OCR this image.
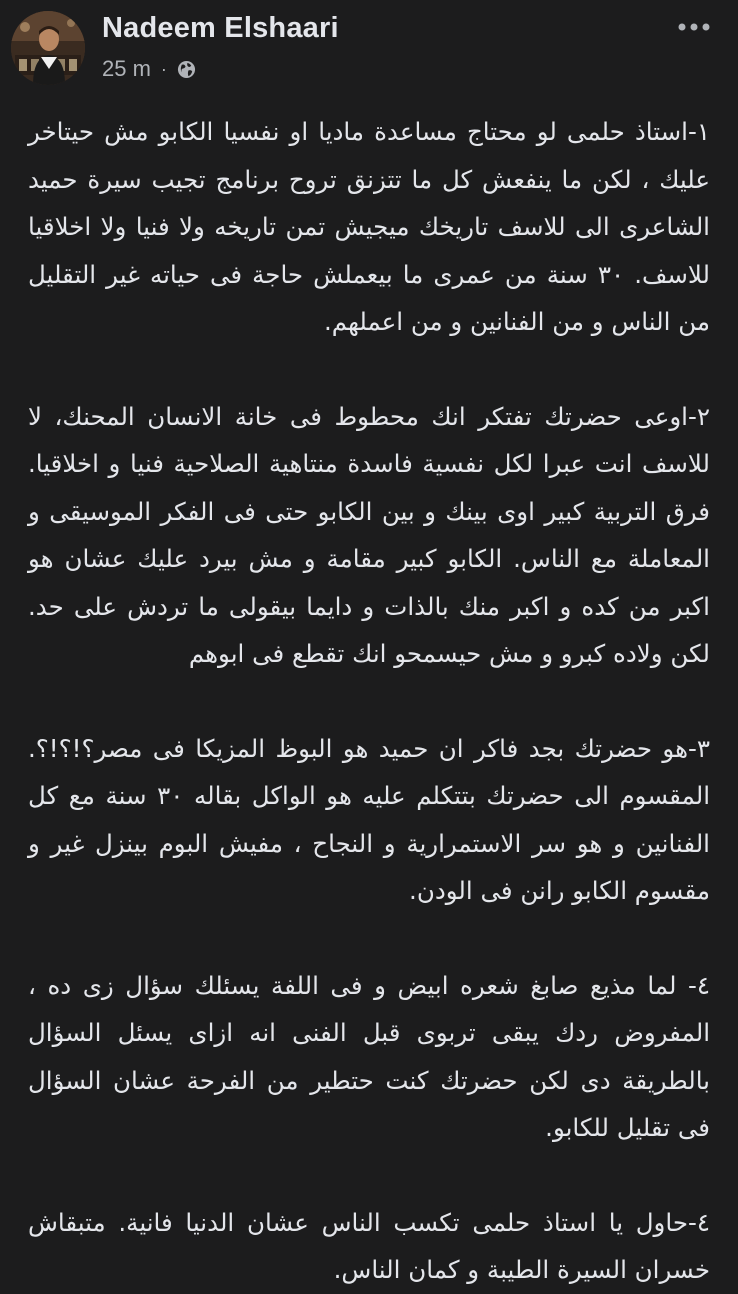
Nadeem Elshaari
25 m ·

١-استاذ حلمى لو محتاج مساعدة ماديا او نفسيا الكابو مش حيتاخر عليك ، لكن ما ينفعش كل ما تتزنق تروح برنامج تجيب سيرة حميد الشاعرى الى للاسف تاريخك ميجيش تمن تاريخه ولا فنيا ولا اخلاقيا للاسف. ٣٠ سنة من عمرى ما بيعملش حاجة فى حياته غير التقليل من الناس و من الفنانين و من اعملهم.

٢-اوعى حضرتك تفتكر انك محطوط فى خانة الانسان المحنك، لا للاسف انت عبرا لكل نفسية فاسدة منتاهية الصلاحية فنيا و اخلاقيا. فرق التربية كبير اوى بينك و بين الكابو حتى فى الفكر الموسيقى و المعاملة مع الناس. الكابو كبير مقامة و مش بيرد عليك عشان هو اكبر من كده و اكبر منك بالذات و دايما بيقولى ما تردش على حد. لكن ولاده كبرو و مش حيسمحو انك تقطع فى ابوهم

٣-هو حضرتك بجد فاكر ان حميد هو البوظ المزيكا فى مصر؟!؟!؟. المقسوم الى حضرتك بتتكلم عليه هو الواكل بقاله ٣٠ سنة مع كل الفنانين و هو سر الاستمرارية و النجاح ، مفيش البوم بينزل غير و مقسوم الكابو رانن فى الودن.

٤- لما مذيع صابغ شعره ابيض و فى اللفة يسئلك سؤال زى ده ، المفروض ردك يبقى تربوى قبل الفنى انه ازاى يسئل السؤال بالطريقة دى لكن حضرتك كنت حتطير من الفرحة عشان السؤال فى تقليل للكابو.

٤-حاول يا استاذ حلمى تكسب الناس عشان الدنيا فانية. متبقاش خسران السيرة الطيبة و كمان الناس.
